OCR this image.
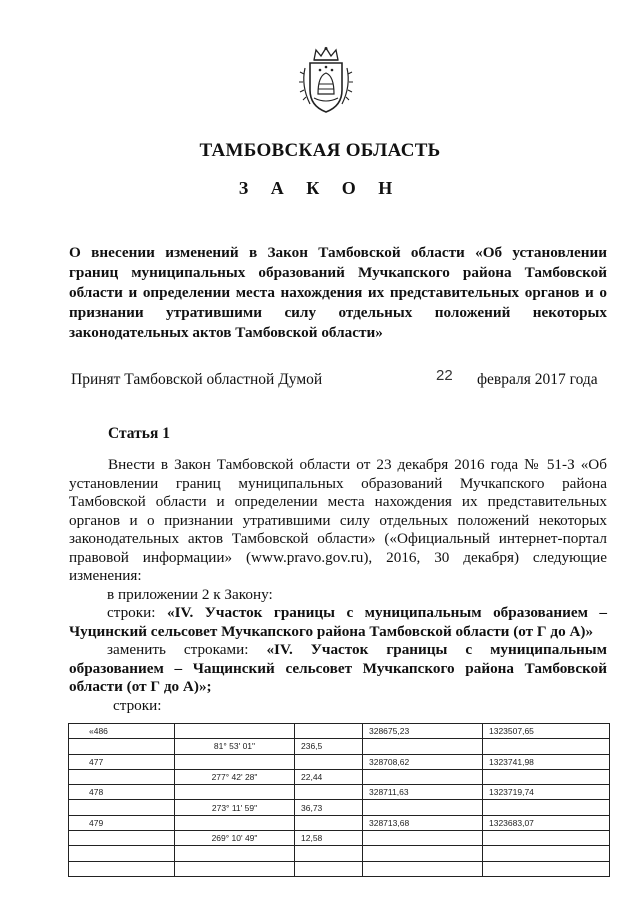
ТАМБОВСКАЯ ОБЛАСТЬ
З А К О Н
О внесении изменений в Закон Тамбовской области «Об установлении границ муниципальных образований Мучкапского района Тамбовской области и определении места нахождения их представительных органов и о признании утратившими силу отдельных положений некоторых законодательных актов Тамбовской области»
Принят Тамбовской областной Думой	22 февраля 2017 года
Статья 1

Внести в Закон Тамбовской области от 23 декабря 2016 года № 51-З «Об установлении границ муниципальных образований Мучкапского района Тамбовской области и определении места нахождения их представительных органов и о признании утратившими силу отдельных положений некоторых законодательных актов Тамбовской области» («Официальный интернет-портал правовой информации» (www.pravo.gov.ru), 2016, 30 декабря) следующие изменения:

в приложении 2 к Закону:

строки: «IV. Участок границы с муниципальным образованием – Чуцинский сельсовет Мучкапского района Тамбовской области (от Г до А)»

заменить строками: «IV. Участок границы с муниципальным образованием – Чащинский сельсовет Мучкапского района Тамбовской области (от Г до А)»;

строки:

«486			328675,23	1323507,65
	81° 53' 01"	236,5		
477			328708,62	1323741,98
	277° 42' 28"	22,44		
478			328711,63	1323719,74
	273° 11' 59"	36,73		
479			328713,68	1323683,07
	269° 10' 49"	12,58		
